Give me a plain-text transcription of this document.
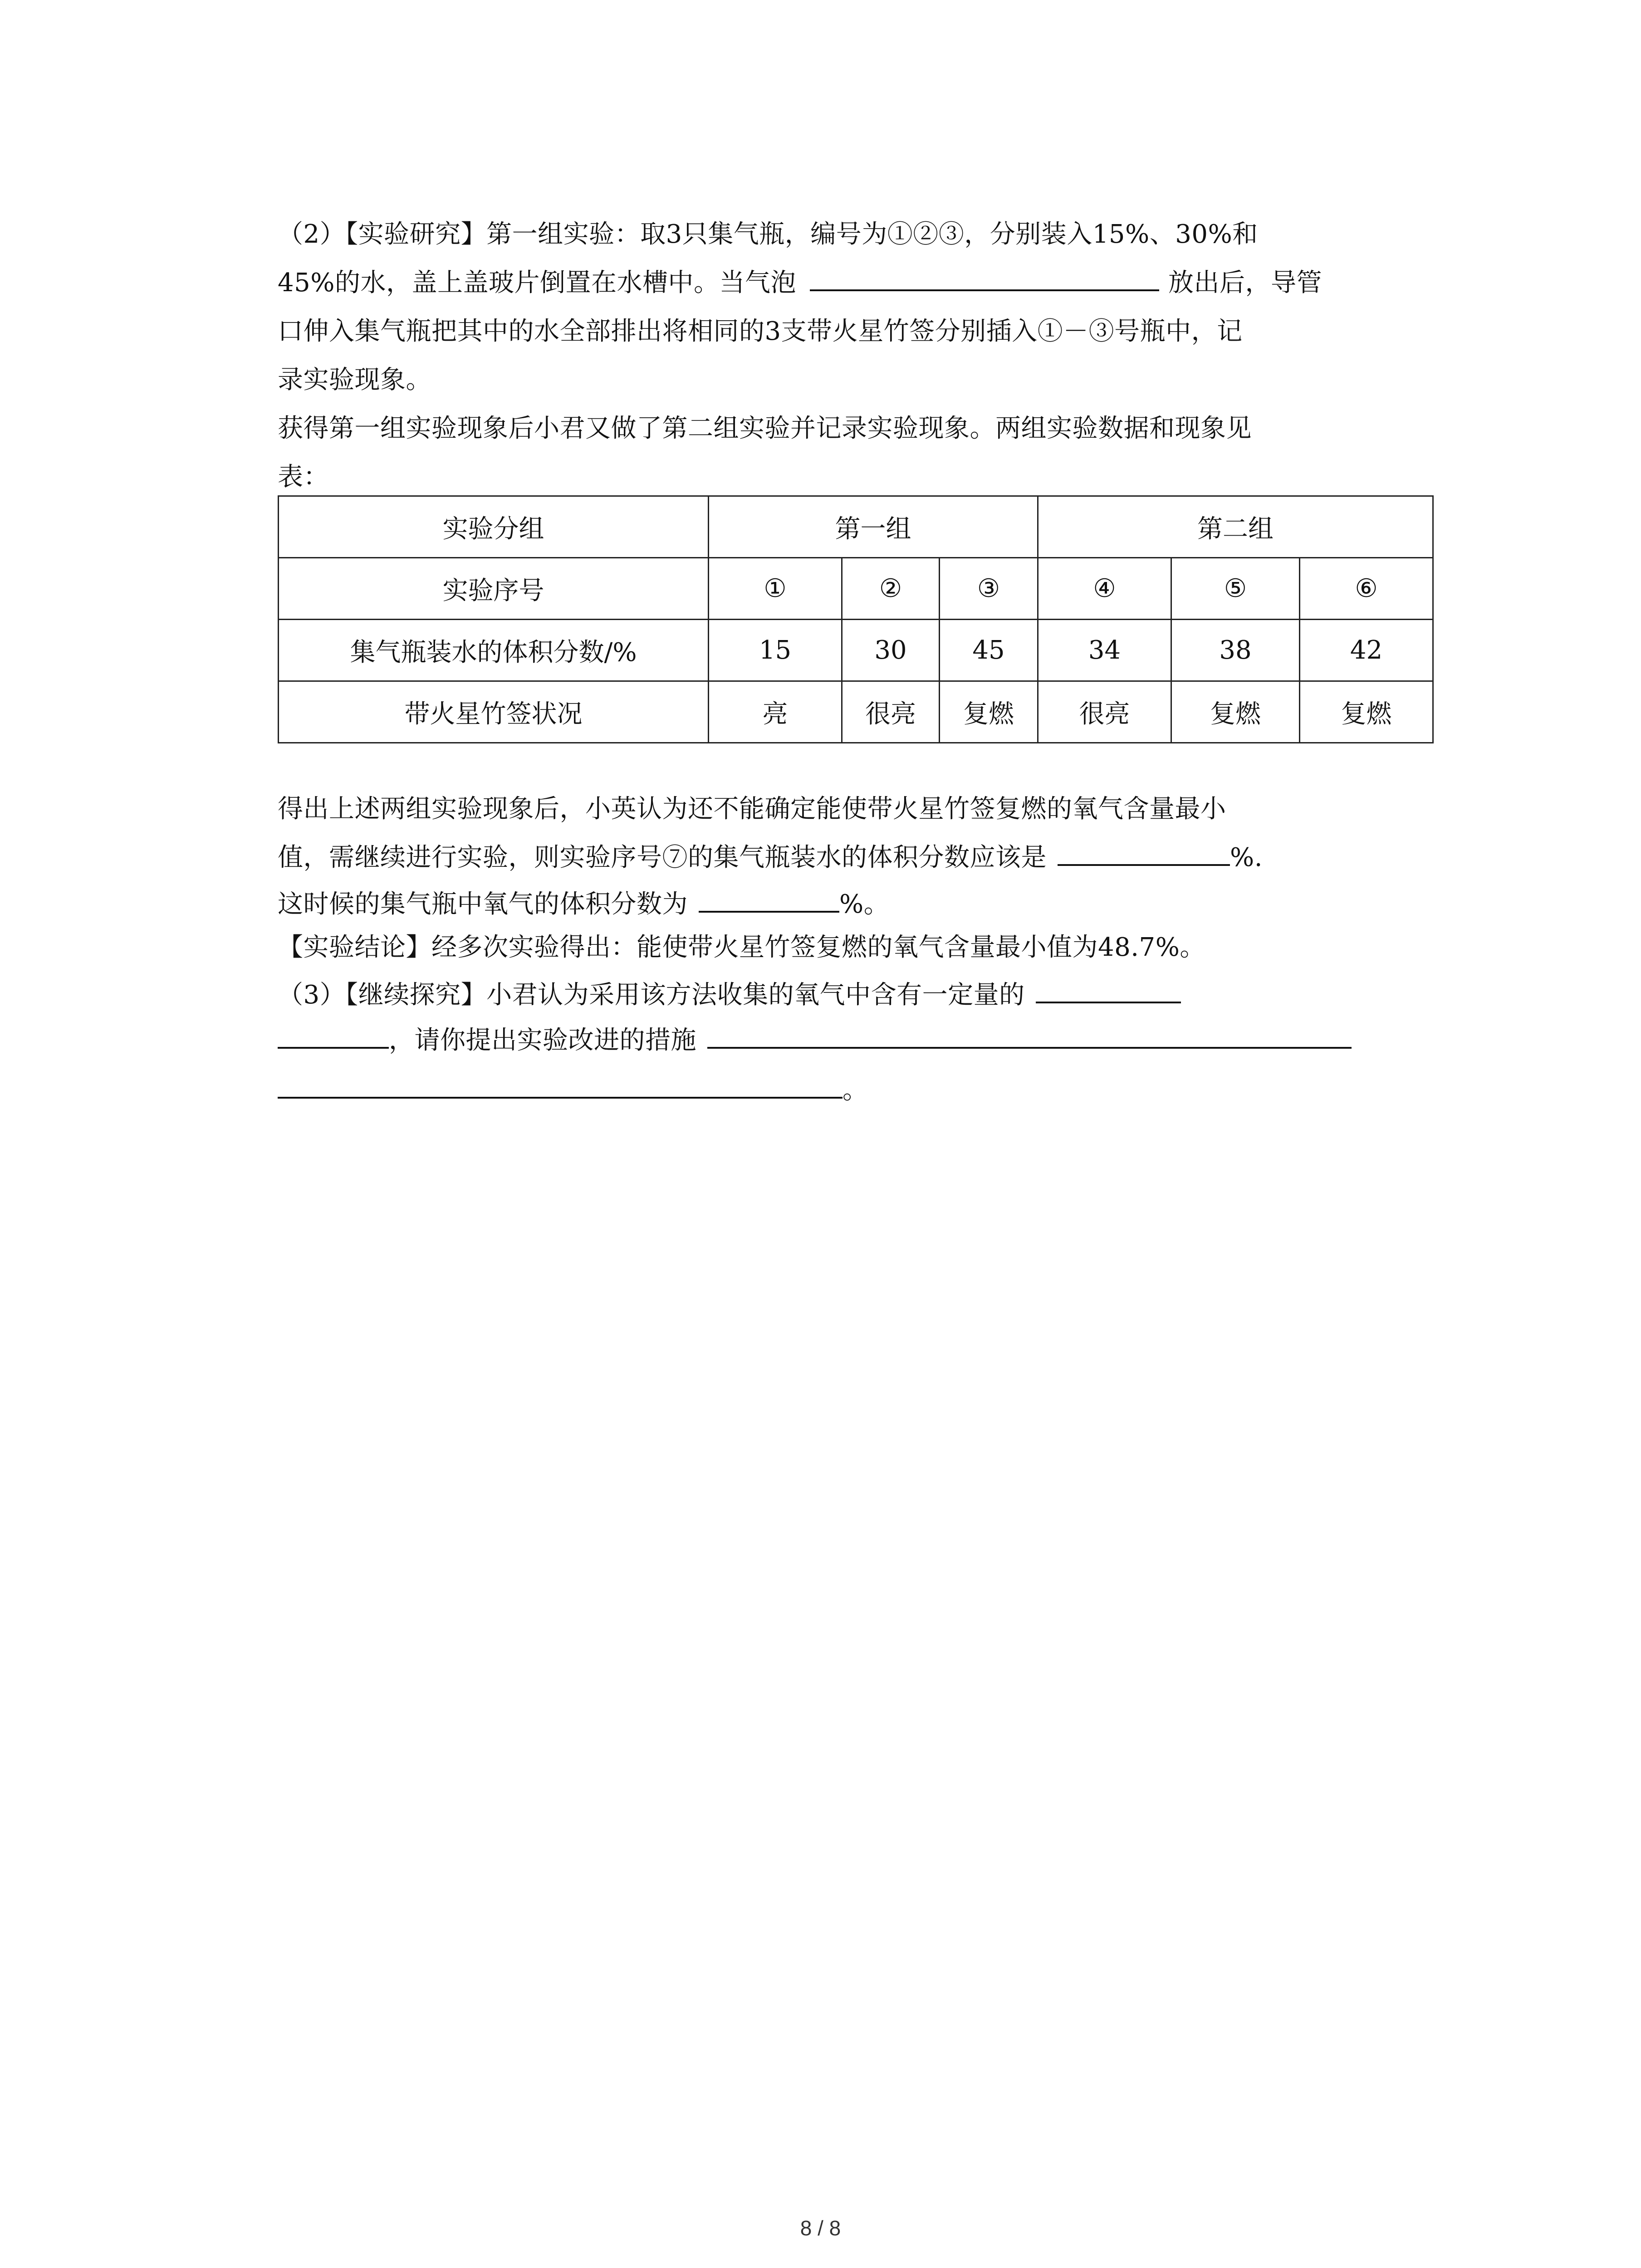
（2）【实验研究】第一组实验：取3只集气瓶，编号为①②③，分别装入15%、30%和
45%的水，盖上盖玻片倒置在水槽中。当气泡	放出后，导管
口伸入集气瓶把其中的水全部排出将相同的3支带火星竹签分别插入①－③号瓶中，记
录实验现象。
获得第一组实验现象后小君又做了第二组实验并记录实验现象。两组实验数据和现象见
表：
实验分组	第一组			第二组		
实验序号	①	②	③	④	⑤	⑥
集气瓶装水的体积分数/%	15	30	45	34	38	42
带火星竹签状况	亮	很亮	复燃	很亮	复燃	复燃
得出上述两组实验现象后，小英认为还不能确定能使带火星竹签复燃的氧气含量最小
值，需继续进行实验，则实验序号⑦的集气瓶装水的体积分数应该是	%.
这时候的集气瓶中氧气的体积分数为	%。
【实验结论】经多次实验得出：能使带火星竹签复燃的氧气含量最小值为48.7%。
（3）【继续探究】小君认为采用该方法收集的氧气中含有一定量的
，请你提出实验改进的措施
。
8 / 8
